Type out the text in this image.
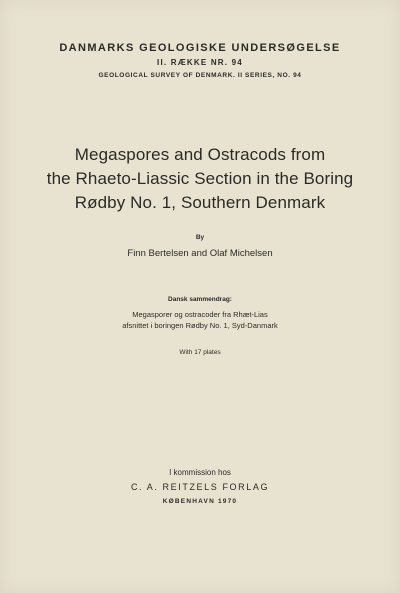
DANMARKS GEOLOGISKE UNDERSØGELSE
II. RÆKKE NR. 94
GEOLOGICAL SURVEY OF DENMARK. II SERIES, NO. 94
Megaspores and Ostracods from
the Rhaeto-Liassic Section in the Boring
Rødby No. 1, Southern Denmark
By
Finn Bertelsen and Olaf Michelsen
Dansk sammendrag:
Megasporer og ostracoder fra Rhæt-Lias
afsnittet i boringen Rødby No. 1, Syd-Danmark
With 17 plates
I kommission hos
C. A. REITZELS FORLAG
KØBENHAVN 1970
